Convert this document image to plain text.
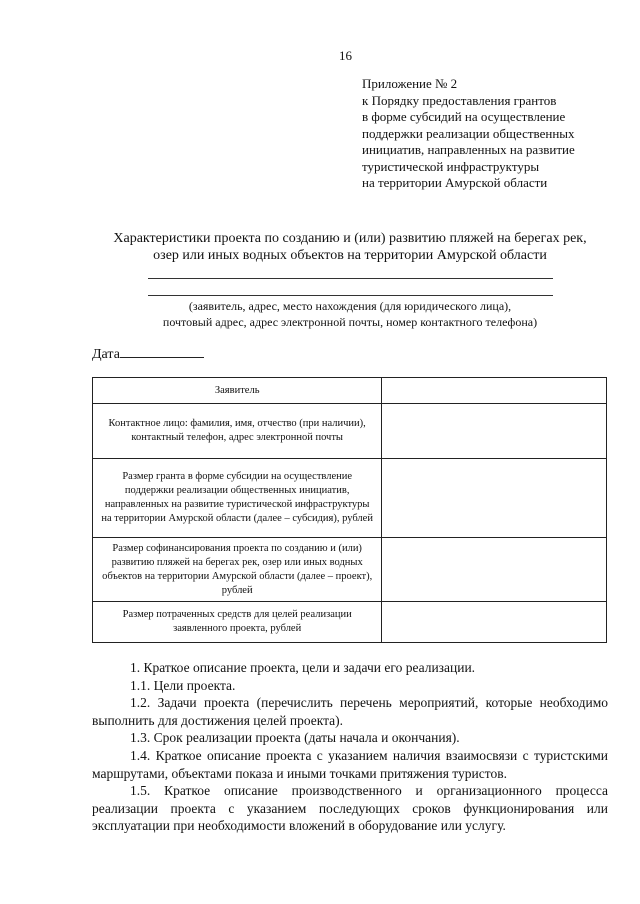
16
Приложение № 2
к Порядку предоставления грантов
в форме субсидий на осуществление
поддержки реализации общественных
инициатив, направленных на развитие
туристической инфраструктуры
на территории Амурской области
Характеристики проекта по созданию и (или) развитию пляжей на берегах рек,
озер или иных водных объектов на территории Амурской области
(заявитель, адрес, место нахождения (для юридического лица),
почтовый адрес, адрес электронной почты, номер контактного телефона)
Дата
Заявитель	
Контактное лицо: фамилия, имя, отчество (при наличии), контактный телефон, адрес электронной почты	
Размер гранта в форме субсидии на осуществление поддержки реализации общественных инициатив, направленных на развитие туристической инфраструктуры на территории Амурской области (далее – субсидия), рублей	
Размер софинансирования проекта по созданию и (или) развитию пляжей на берегах рек, озер или иных водных объектов на территории Амурской области (далее – проект), рублей	
Размер потраченных средств для целей реализации заявленного проекта, рублей	

1. Краткое описание проекта, цели и задачи его реализации.

1.1. Цели проекта.

1.2. Задачи проекта (перечислить перечень мероприятий, которые необходимо выполнить для достижения целей проекта).

1.3. Срок реализации проекта (даты начала и окончания).

1.4. Краткое описание проекта с указанием наличия взаимосвязи с туристскими маршрутами, объектами показа и иными точками притяжения туристов.

1.5. Краткое описание производственного и организационного процесса реализации проекта с указанием последующих сроков функционирования или эксплуатации при необходимости вложений в оборудование или услугу.
